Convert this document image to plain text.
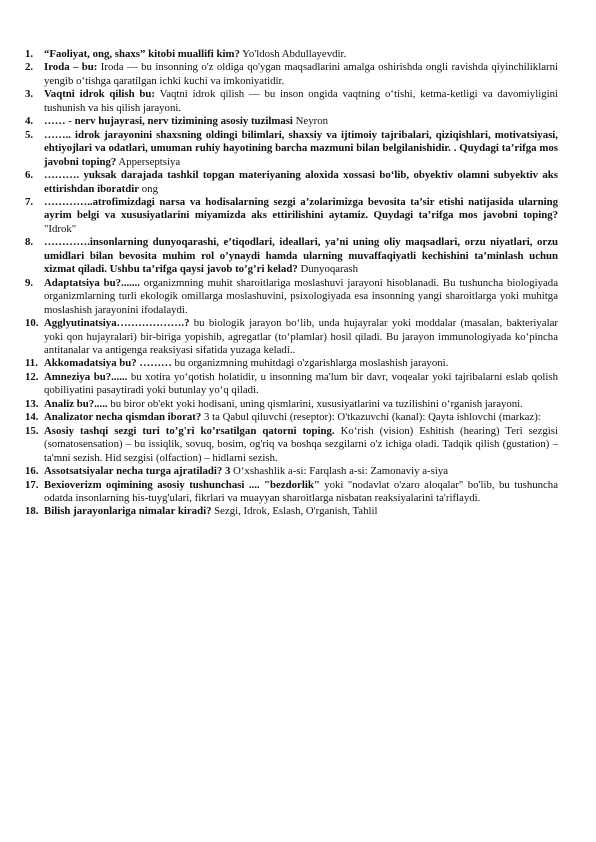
1.	“Faoliyat, ong, shaxs” kitobi muallifi kim? Yo'ldosh Abdullayevdir.
2.	Iroda – bu: Iroda — bu insonning o'z oldiga qo'ygan maqsadlarini amalga oshirishda ongli ravishda qiyinchiliklarni yengib o‘tishga qaratilgan ichki kuchi va imkoniyatidir.
3.	Vaqtni idrok qilish bu: Vaqtni idrok qilish — bu inson ongida vaqtning o‘tishi, ketma-ketligi va davomiyligini tushunish va his qilish jarayoni.
4.	…… - nerv hujayrasi, nerv tizimining asosiy tuzilmasi Neyron
5.	…….. idrok jarayonini shaxsning oldingi bilimlari, shaxsiy va ijtimoiy tajribalari, qiziqishlari, motivatsiyasi, ehtiyojlari va odatlari, umuman ruhiy hayotining barcha mazmuni bilan belgilanishidir. . Quydagi ta’rifga mos javobni toping? Apperseptsiya
6.	………. yuksak darajada tashkil topgan materiyaning aloxida xossasi bo‘lib, obyektiv olamni subyektiv aks ettirishdan iboratdir ong
7.	…………..atrofimizdagi narsa va hodisalarning sezgi a’zolarimizga bevosita ta’sir etishi natijasida ularning ayrim belgi va xususiyatlarini miyamizda aks ettirilishini aytamiz. Quydagi ta’rifga mos javobni toping? "Idrok"
8.	………….insonlarning dunyoqarashi, e’tiqodlari, ideallari, ya’ni uning oliy maqsadlari, orzu niyatlari, orzu umidlari bilan bevosita muhim rol o’ynaydi hamda ularning muvaffaqiyatli kechishini ta’minlash uchun xizmat qiladi. Ushbu ta’rifga qaysi javob to’g’ri kelad? Dunyoqarash
9.	Adaptatsiya bu?....... organizmning muhit sharoitlariga moslashuvi jarayoni hisoblanadi. Bu tushuncha biologiyada organizmlarning turli ekologik omillarga moslashuvini, psixologiyada esa insonning yangi sharoitlarga yoki muhitga moslashish jarayonini ifodalaydi.
10. Agglyutinatsiya……………….? bu biologik jarayon bo‘lib, unda hujayralar yoki moddalar (masalan, bakteriyalar yoki qon hujayralari) bir-biriga yopishib, agregatlar (to‘plamlar) hosil qiladi. Bu jarayon immunologiyada ko‘pincha antitanalar va antigenga reaksiyasi sifatida yuzaga keladi..
11. Akkomadatsiya bu? ……… bu organizmning muhitdagi o'zgarishlarga moslashish jarayoni.
12. Amneziya bu?...... bu xotira yo‘qotish holatidir, u insonning ma'lum bir davr, voqealar yoki tajribalarni eslab qolish qobiliyatini pasaytiradi yoki butunlay yo‘q qiladi.
13. Analiz bu?..... bu biror ob'ekt yoki hodisani, uning qismlarini, xususiyatlarini va tuzilishini o‘rganish jarayoni.
14. Analizator necha qismdan iborat? 3 ta Qabul qiluvchi (reseptor): O'tkazuvchi (kanal): Qayta ishlovchi (markaz):
15. Asosiy tashqi sezgi turi to’g'ri ko’rsatilgan qatorni toping. Ko‘rish (vision) Eshitish (hearing) Teri sezgisi (somatosensation) – bu issiqlik, sovuq, bosim, og'riq va boshqa sezgilarni o'z ichiga oladi. Tadqik qilish (gustation) – ta'mni sezish. Hid sezgisi (olfaction) – hidlarni sezish.
16. Assotsatsiyalar necha turga ajratiladi? 3 O‘xshashlik a-si: Farqlash a-si: Zamonaviy a-siya
17. Bexioverizm oqimining asosiy tushunchasi .... "bezdorlik" yoki "nodavlat o'zaro aloqalar" bo'lib, bu tushuncha odatda insonlarning his-tuyg'ulari, fikrlari va muayyan sharoitlarga nisbatan reaksiyalarini ta'riflaydi.
18. Bilish jarayonlariga nimalar kiradi? Sezgi, Idrok, Eslash, O'rganish, Tahlil
